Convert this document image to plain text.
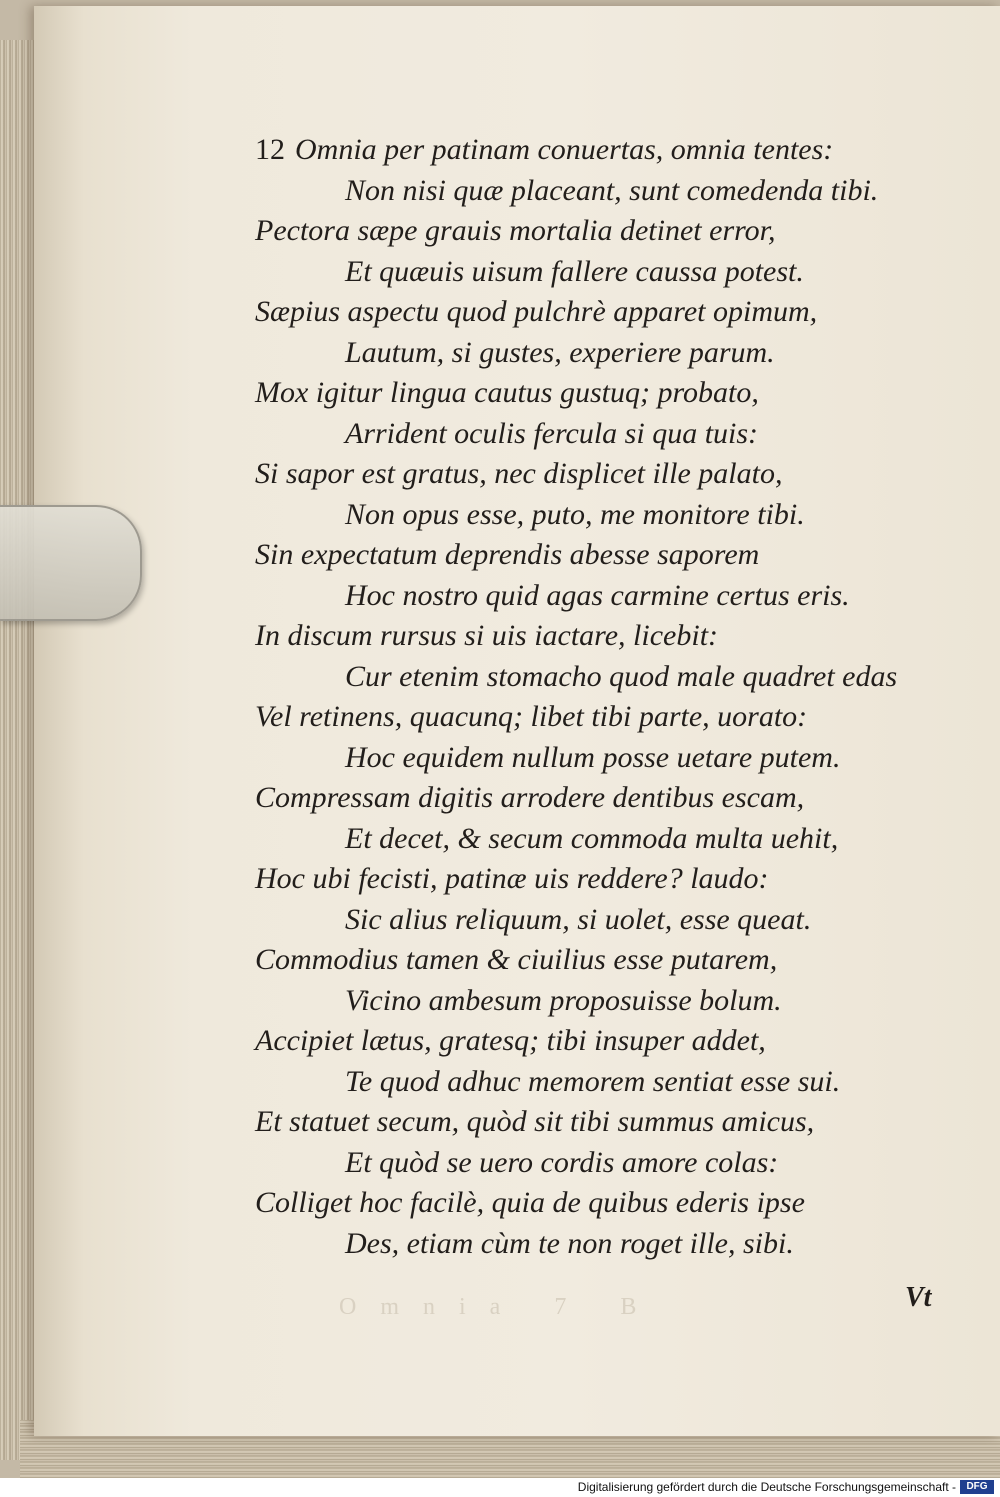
Omnia 7 B
12 Omnia per patinam conuertas, omnia tentes:
Non nisi quæ placeant, sunt comedenda tibi.
Pectora sæpe grauis mortalia detinet error,
Et quæuis uisum fallere caussa potest.
Sæpius aspectu quod pulchrè apparet opimum,
Lautum, si gustes, experiere parum.
Mox igitur lingua cautus gustuq; probato,
Arrident oculis fercula si qua tuis:
Si sapor est gratus, nec displicet ille palato,
Non opus esse, puto, me monitore tibi.
Sin expectatum deprendis abesse saporem
Hoc nostro quid agas carmine certus eris.
In discum rursus si uis iactare, licebit:
Cur etenim stomacho quod male quadret edas
Vel retinens, quacunq; libet tibi parte, uorato:
Hoc equidem nullum posse uetare putem.
Compressam digitis arrodere dentibus escam,
Et decet, & secum commoda multa uehit,
Hoc ubi fecisti, patinæ uis reddere? laudo:
Sic alius reliquum, si uolet, esse queat.
Commodius tamen & ciuilius esse putarem,
Vicino ambesum proposuisse bolum.
Accipiet lætus, gratesq; tibi insuper addet,
Te quod adhuc memorem sentiat esse sui.
Et statuet secum, quòd sit tibi summus amicus,
Et quòd se uero cordis amore colas:
Colliget hoc facilè, quia de quibus ederis ipse
Des, etiam cùm te non roget ille, sibi.
Vt
Digitalisierung gefördert durch die Deutsche Forschungsgemeinschaft -	DFG
